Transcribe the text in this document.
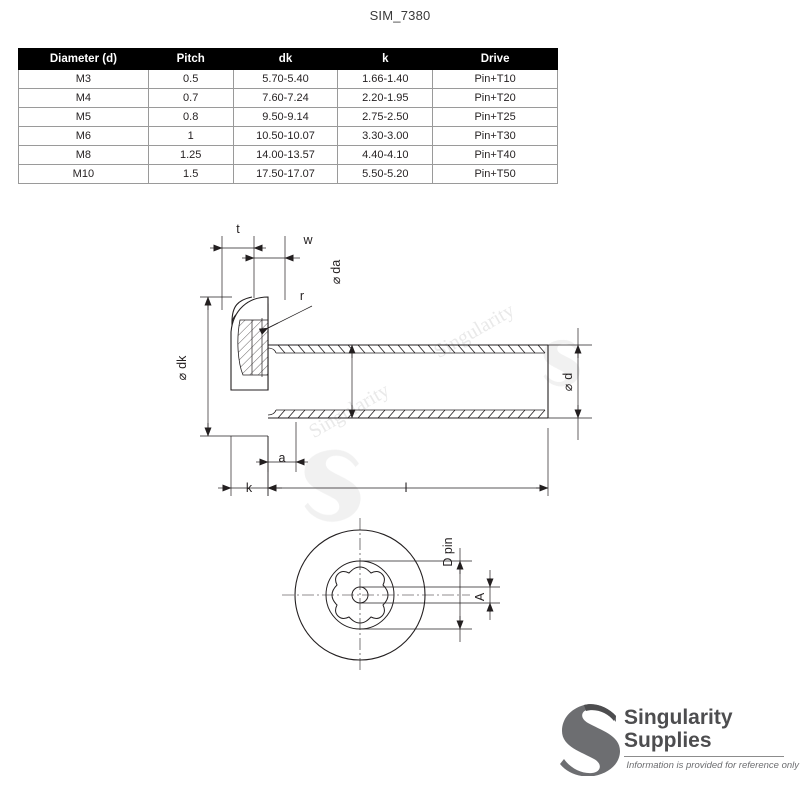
SIM_7380
Diameter (d)	Pitch	dk	k	Drive
M3	0.5	5.70-5.40	1.66-1.40	Pin+T10
M4	0.7	7.60-7.24	2.20-1.95	Pin+T20
M5	0.8	9.50-9.14	2.75-2.50	Pin+T25
M6	1	10.50-10.07	3.30-3.00	Pin+T30
M8	1.25	14.00-13.57	4.40-4.10	Pin+T40
M10	1.5	17.50-17.07	5.50-5.20	Pin+T50
Singularity
Singularity
t
w
r
⌀da
⌀dk
⌀d
a
k	l
D pin
A
Singularity
Supplies
Information is provided for reference only
